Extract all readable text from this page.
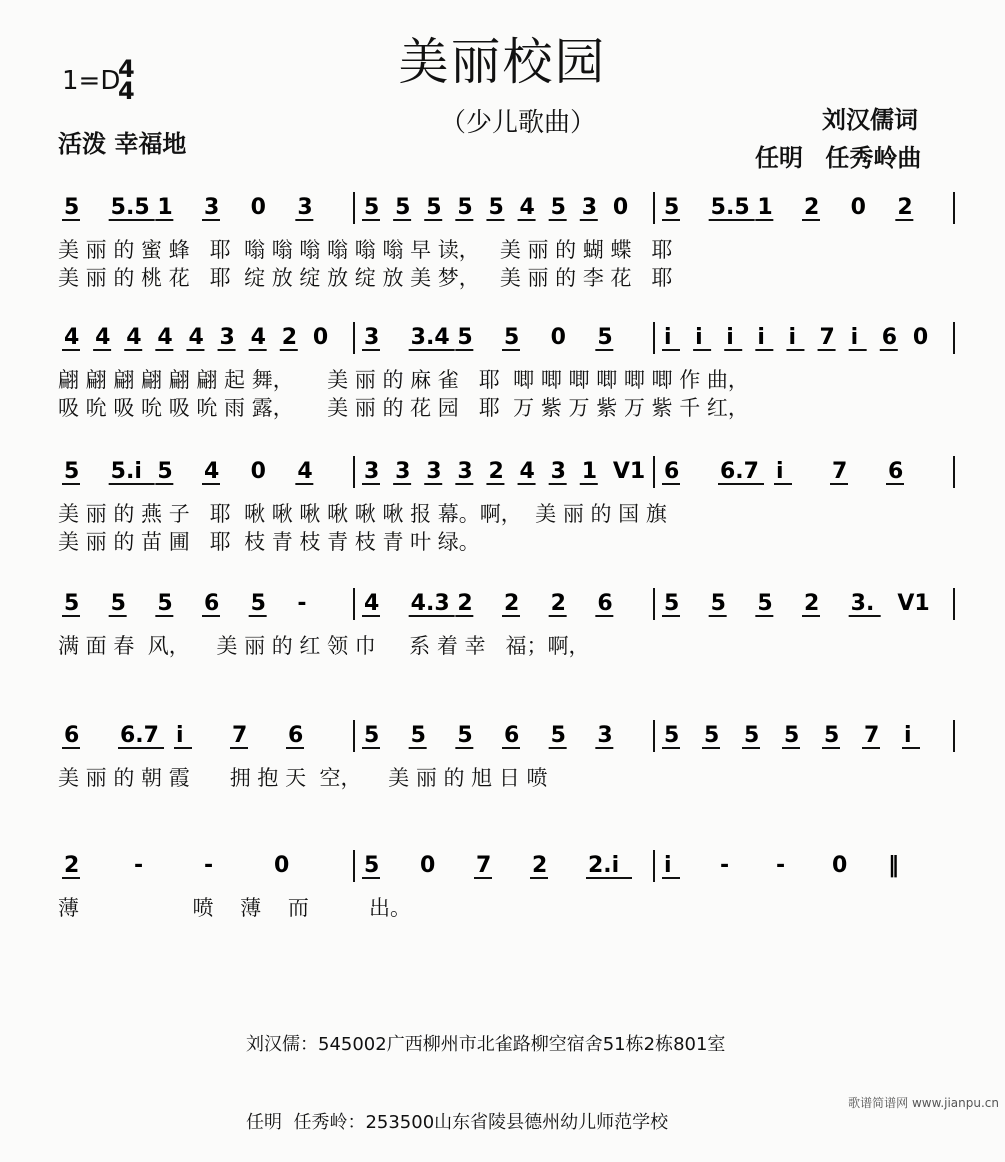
美丽校园
1=D
4
4
（少儿歌曲）
活泼 幸福地
刘汉儒词
任明 任秀岭曲
5 5.5 1 3 0 3 5 5 5 5 5 4 5 3 0 5 5.5 1 2 0 2
美 丽 的 蜜 蜂   耶  嗡 嗡 嗡 嗡 嗡 嗡 早 读，   美 丽 的 蝴 蝶   耶
美 丽 的 桃 花   耶  绽 放 绽 放 绽 放 美 梦，   美 丽 的 李 花   耶
4 4 4 4 4 3 4 2 0 3 3.4 5 5 0 5 i i i i i 7 i 6 0
翩 翩 翩 翩 翩 翩 起 舞，     美 丽 的 麻 雀   耶  唧 唧 唧 唧 唧 唧 作 曲，
吸 吮 吸 吮 吸 吮 雨 露，     美 丽 的 花 园   耶  万 紫 万 紫 万 紫 千 红，
5 5.i 5 4 0 4 3 3 3 3 2 4 3 1 V1 6 6.7 i 7 6
美 丽 的 燕 子   耶  啾 啾 啾 啾 啾 啾 报 幕。啊，  美 丽 的 国 旗
美 丽 的 苗 圃   耶  枝 青 枝 青 枝 青 叶 绿。
5 5 5 6 5 -	4 4.3 2 2 2 6 5 5 5 2 3. V1
满 面 春  风，    美 丽 的 红 领 巾     系 着 幸   福；啊，
6 6.7 i 7 6	5 5 5 6 5 3 5 5 5 5 5 7 i
美 丽 的 朝 霞      拥 抱 天  空，    美 丽 的 旭 日 喷
2 -	-	0	5 0 7 2 2.i i - - 0 ‖
薄                 喷    薄    而         出。

刘汉儒：545002广西柳州市北雀路柳空宿舍51栋2栋801室

任明  任秀岭：253500山东省陵县德州幼儿师范学校

歌谱简谱网 www.jianpu.cn
